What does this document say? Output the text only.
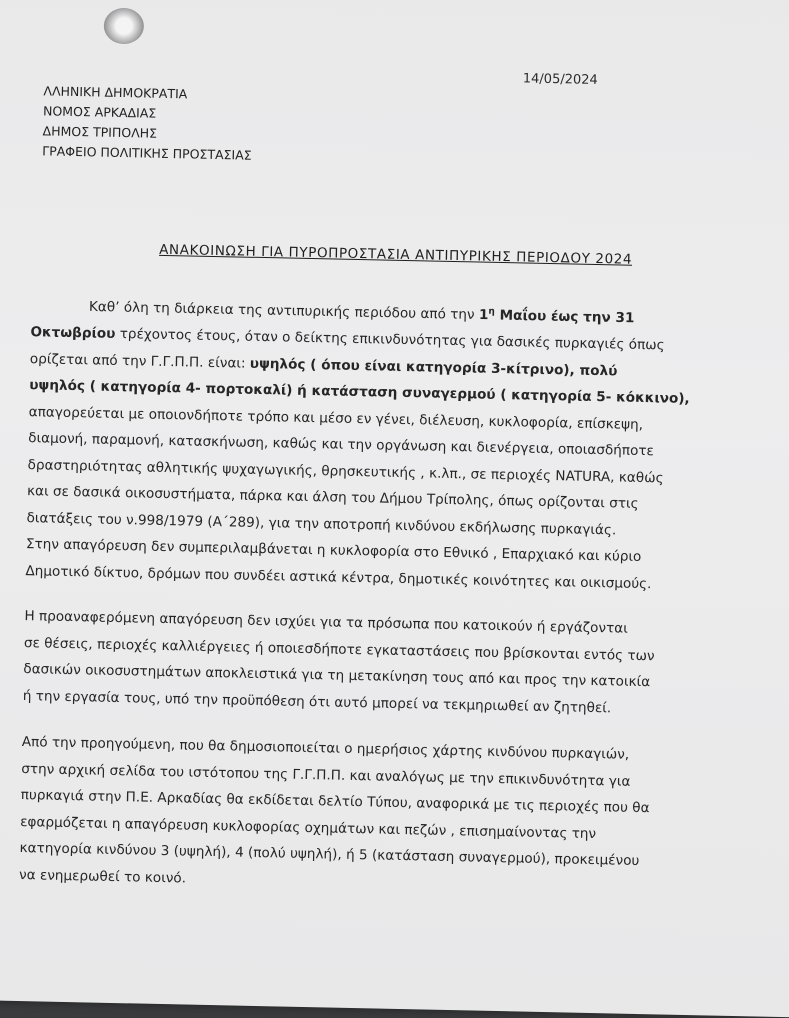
14/05/2024
ΛΛΗΝΙΚΗ ΔΗΜΟΚΡΑΤΙΑ
ΝΟΜΟΣ ΑΡΚΑΔΙΑΣ
ΔΗΜΟΣ ΤΡΙΠΟΛΗΣ
ΓΡΑΦΕΙΟ ΠΟΛΙΤΙΚΗΣ ΠΡΟΣΤΑΣΙΑΣ
ΑΝΑΚΟΙΝΩΣΗ ΓΙΑ ΠΥΡΟΠΡΟΣΤΑΣΙΑ ΑΝΤΙΠΥΡΙΚΗΣ ΠΕΡΙΟΔΟΥ 2024
Καθ’ όλη τη διάρκεια της αντιπυρικής περιόδου από την $1^\eta$ Μαΐου έως την 31
Οκτωβρίου τρέχοντος έτους, όταν ο δείκτης επικινδυνότητας για δασικές πυρκαγιές όπως
ορίζεται από την Γ.Γ.Π.Π. είναι: υψηλός ( όπου είναι κατηγορία 3-κίτρινο), πολύ
υψηλός ( κατηγορία 4- πορτοκαλί) ή κατάσταση συναγερμού ( κατηγορία 5- κόκκινο),
απαγορεύεται με οποιονδήποτε τρόπο και μέσο εν γένει, διέλευση, κυκλοφορία, επίσκεψη,
διαμονή, παραμονή, κατασκήνωση, καθώς και την οργάνωση και διενέργεια, οποιασδήποτε
δραστηριότητας αθλητικής ψυχαγωγικής, θρησκευτικής , κ.λπ., σε περιοχές NATURA, καθώς
και σε δασικά οικοσυστήματα, πάρκα και άλση του Δήμου Τρίπολης, όπως ορίζονται στις
διατάξεις του ν.998/1979 (Α΄289), για την αποτροπή κινδύνου εκδήλωσης πυρκαγιάς.
Στην απαγόρευση δεν συμπεριλαμβάνεται η κυκλοφορία στο Εθνικό , Επαρχιακό και κύριο
Δημοτικό δίκτυο, δρόμων που συνδέει αστικά κέντρα, δημοτικές κοινότητες και οικισμούς.
Η προαναφερόμενη απαγόρευση δεν ισχύει για τα πρόσωπα που κατοικούν ή εργάζονται
σε θέσεις, περιοχές καλλιέργειες ή οποιεσδήποτε εγκαταστάσεις που βρίσκονται εντός των
δασικών οικοσυστημάτων αποκλειστικά για τη μετακίνηση τους από και προς την κατοικία
ή την εργασία τους, υπό την προϋπόθεση ότι αυτό μπορεί να τεκμηριωθεί αν ζητηθεί.
Από την προηγούμενη, που θα δημοσιοποιείται ο ημερήσιος χάρτης κινδύνου πυρκαγιών,
στην αρχική σελίδα του ιστότοπου της Γ.Γ.Π.Π. και αναλόγως με την επικινδυνότητα για
πυρκαγιά στην Π.Ε. Αρκαδίας θα εκδίδεται δελτίο Τύπου, αναφορικά με τις περιοχές που θα
εφαρμόζεται η απαγόρευση κυκλοφορίας οχημάτων και πεζών , επισημαίνοντας την
κατηγορία κινδύνου 3 (υψηλή), 4 (πολύ υψηλή), ή 5 (κατάσταση συναγερμού), προκειμένου
να ενημερωθεί το κοινό.
